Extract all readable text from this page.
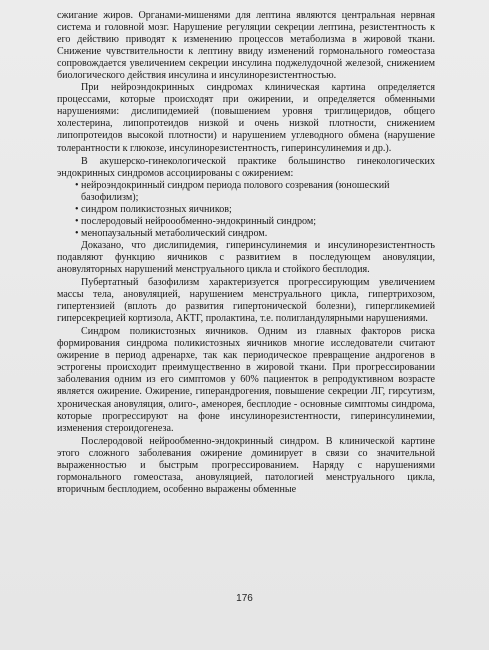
сжигание жиров. Органами-мишенями для лептина являются центральная нервная система и головной мозг. Нарушение регуляции секреции лептина, резистентность к его действию приводят к изменению процессов метаболизма в жировой ткани. Снижение чувствительности к лептину ввиду изменений гормонального гомеостаза сопровождается увеличением секреции инсулина поджелудочной железой, снижением биологического действия инсулина и инсулинорезистентностью.

При нейроэндокринных синдромах клиническая картина определяется процессами, которые происходят при ожирении, и определяется обменными нарушениями: дислипидемией (повышением уровня триглицеридов, общего холестерина, липопротеидов низкой и очень низкой плотности, снижением липопротеидов высокой плотности) и нарушением углеводного обмена (нарушение толерантности к глюкозе, инсулинорезистентность, гиперинсулинемия и др.).

В акушерско-гинекологической практике большинство гинекологических эндокринных синдромов ассоциированы с ожирением:

• нейроэндокринный синдром периода полового созревания (юношеский базофилизм);
• синдром поликистозных яичников;
• послеродовый нейроообменно-эндокринный синдром;
• менопаузальный метаболический синдром.

Доказано, что дислипидемия, гиперинсулинемия и инсулинорезистентность подавляют функцию яичников с развитием в последующем ановуляции, ановуляторных нарушений менструального цикла и стойкого бесплодия.

Пубертатный базофилизм характеризуется прогрессирующим увеличением массы тела, ановуляцией, нарушением менструального цикла, гипертрихозом, гипертензией (вплоть до развития гипертонической болезни), гипергликемией гиперсекрецией кортизола, АКТГ, пролактина, т.е. полигландулярными нарушениями.

Синдром поликистозных яичников. Одним из главных факторов риска формирования синдрома поликистозных яичников многие исследователи считают ожирение в период адренархе, так как периодическое превращение андрогенов в эстрогены происходит преимущественно в жировой ткани. При прогрессировании заболевания одним из его симптомов у 60% пациенток в репродуктивном возрасте является ожирение. Ожирение, гиперандрогения, повышение секреции ЛГ, гирсутизм, хроническая ановуляция, олиго-, аменорея, бесплодие - основные симптомы синдрома, которые прогрессируют на фоне инсулинорезистентности, гиперинсулинемии, изменения стероидогенеза.

Послеродовой нейрообменно-эндокринный синдром. В клинической картине этого сложного заболевания ожирение доминирует в связи со значительной выраженностью и быстрым прогрессированием. Наряду с нарушениями гормонального гомеостаза, ановуляцией, патологией менструального цикла, вторичным бесплодием, особенно выражены обменные

176
